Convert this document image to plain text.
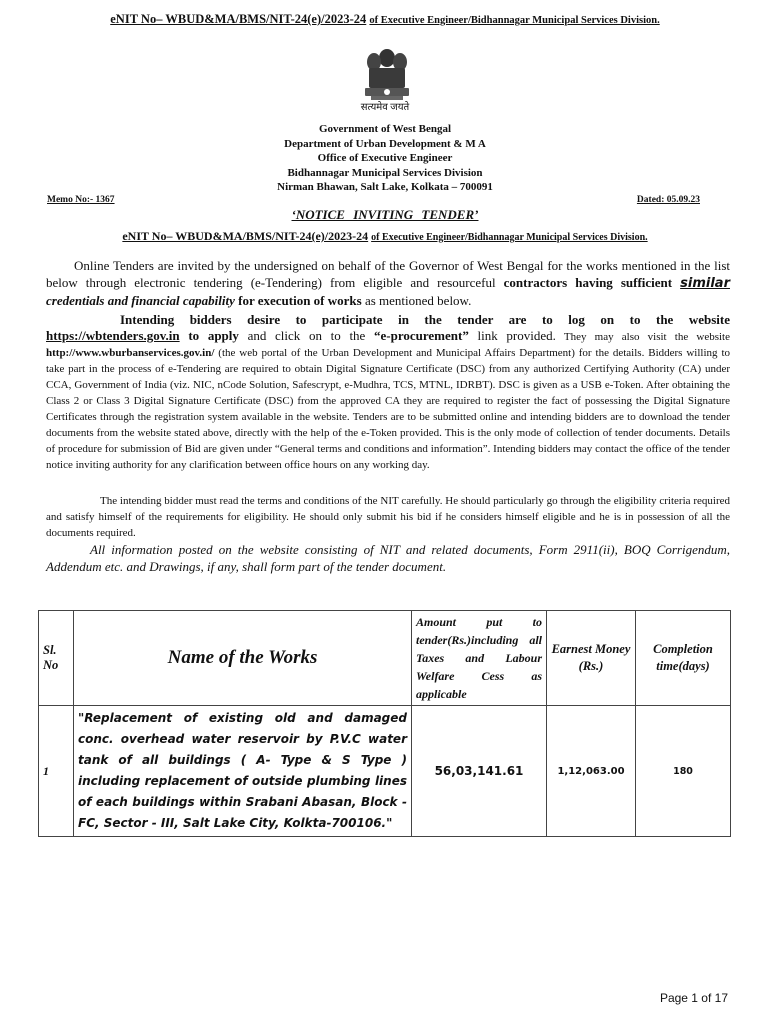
eNIT No– WBUD&MA/BMS/NIT-24(e)/2023-24 of Executive Engineer/Bidhannagar Municipal Services Division.
सत्यमेव जयते
Government of West Bengal
Department of Urban Development & M A
Office of Executive Engineer
Bidhannagar Municipal Services Division
Nirman Bhawan, Salt Lake, Kolkata – 700091
Memo No:- 1367	Dated: 05.09.23
‘NOTICE INVITING TENDER’
eNIT No– WBUD&MA/BMS/NIT-24(e)/2023-24 of Executive Engineer/Bidhannagar Municipal Services Division.
Online Tenders are invited by the undersigned on behalf of the Governor of West Bengal for the works mentioned in the list below through electronic tendering (e-Tendering) from eligible and resourceful contractors having sufficient similar credentials and financial capability for execution of works as mentioned below.
Intending bidders desire to participate in the tender are to log on to the website
https://wbtenders.gov.in to apply and click on to the “e-procurement” link provided. They may also visit the website http://www.wburbanservices.gov.in/ (the web portal of the Urban Development and Municipal Affairs Department) for the details. Bidders willing to take part in the process of e-Tendering are required to obtain Digital Signature Certificate (DSC) from any authorized Certifying Authority (CA) under CCA, Government of India (viz. NIC, nCode Solution, Safescrypt, e-Mudhra, TCS, MTNL, IDRBT). DSC is given as a USB e-Token. After obtaining the Class 2 or Class 3 Digital Signature Certificate (DSC) from the approved CA they are required to register the fact of possessing the Digital Signature Certificates through the registration system available in the website. Tenders are to be submitted online and intending bidders are to download the tender documents from the website stated above, directly with the help of the e-Token provided. This is the only mode of collection of tender documents. Details of procedure for submission of Bid are given under “General terms and conditions and information”. Intending bidders may contact the office of the tender notice inviting authority for any clarification between office hours on any working day.
The intending bidder must read the terms and conditions of the NIT carefully. He should particularly go through the eligibility criteria required and satisfy himself of the requirements for eligibility. He should only submit his bid if he considers himself eligible and he is in possession of all the documents required.
All information posted on the website consisting of NIT and related documents, Form 2911(ii), BOQ Corrigendum, Addendum etc. and Drawings, if any, shall form part of the tender document.
Sl. No	Name of the Works	Amount put to tender(Rs.)including all Taxes and Labour Welfare Cess as applicable	Earnest Money (Rs.)	Completion time(days)
1	"Replacement of existing old and damaged conc. overhead water reservoir by P.V.C water tank of all buildings ( A- Type & S Type ) including replacement of outside plumbing lines of each buildings within Srabani Abasan, Block - FC, Sector - III, Salt Lake City, Kolkta-700106."	56,03,141.61	1,12,063.00	180
Page 1 of 17
